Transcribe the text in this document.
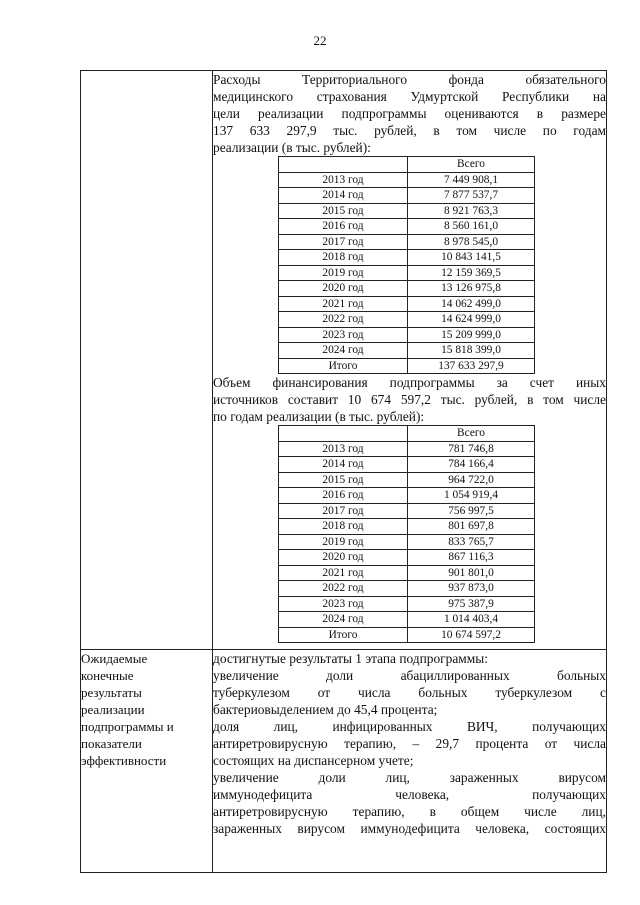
22

Расходы Территориального фонда обязательного
медицинского страхования Удмуртской Республики на
цели реализации подпрограммы оцениваются в размере
137 633 297,9 тыс. рублей, в том числе по годам
реализации (в тыс. рублей):
	Всего
2013 год	7 449 908,1
2014 год	7 877 537,7
2015 год	8 921 763,3
2016 год	8 560 161,0
2017 год	8 978 545,0
2018 год	10 843 141,5
2019 год	12 159 369,5
2020 год	13 126 975,8
2021 год	14 062 499,0
2022 год	14 624 999,0
2023 год	15 209 999,0
2024 год	15 818 399,0
Итого	137 633 297,9
Объем финансирования подпрограммы за счет иных
источников составит 10 674 597,2 тыс. рублей, в том числе
по годам реализации (в тыс. рублей):
	Всего
2013 год	781 746,8
2014 год	784 166,4
2015 год	964 722,0
2016 год	1 054 919,4
2017 год	756 997,5
2018 год	801 697,8
2019 год	833 765,7
2020 год	867 116,3
2021 год	901 801,0
2022 год	937 873,0
2023 год	975 387,9
2024 год	1 014 403,4
Итого	10 674 597,2

Ожидаемые
конечные
результаты
реализации
подпрограммы и
показатели
эффективности

достигнутые результаты 1 этапа подпрограммы:
увеличение доли абациллированных больных
туберкулезом от числа больных туберкулезом с
бактериовыделением до 45,4 процента;
доля лиц, инфицированных ВИЧ, получающих
антиретровирусную терапию, – 29,7 процента от числа
состоящих на диспансерном учете;
увеличение доли лиц, зараженных вирусом
иммунодефицита человека, получающих
антиретровирусную терапию, в общем числе лиц,
зараженных вирусом иммунодефицита человека, состоящих
